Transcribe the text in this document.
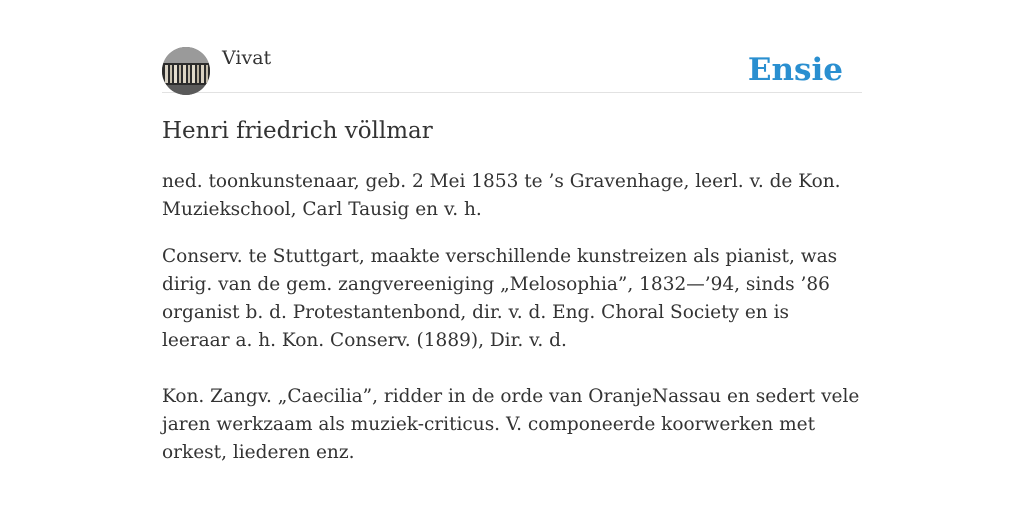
Vivat	Ensie
Henri friedrich völlmar

ned. toonkunstenaar, geb. 2 Mei 1853 te ’s Gravenhage, leerl. v. de Kon. Muziekschool, Carl Tausig en v. h.

Conserv. te Stuttgart, maakte verschillende kunstreizen als pianist, was dirig. van de gem. zangvereeniging „Melosophia”, 1832—’94, sinds ’86 organist b. d. Protestantenbond, dir. v. d. Eng. Choral Society en is leeraar a. h. Kon. Conserv. (1889), Dir. v. d.

Kon. Zangv. „Caecilia”, ridder in de orde van OranjeNassau en sedert vele jaren werkzaam als muziek-criticus. V. componeerde koorwerken met orkest, liederen enz.
